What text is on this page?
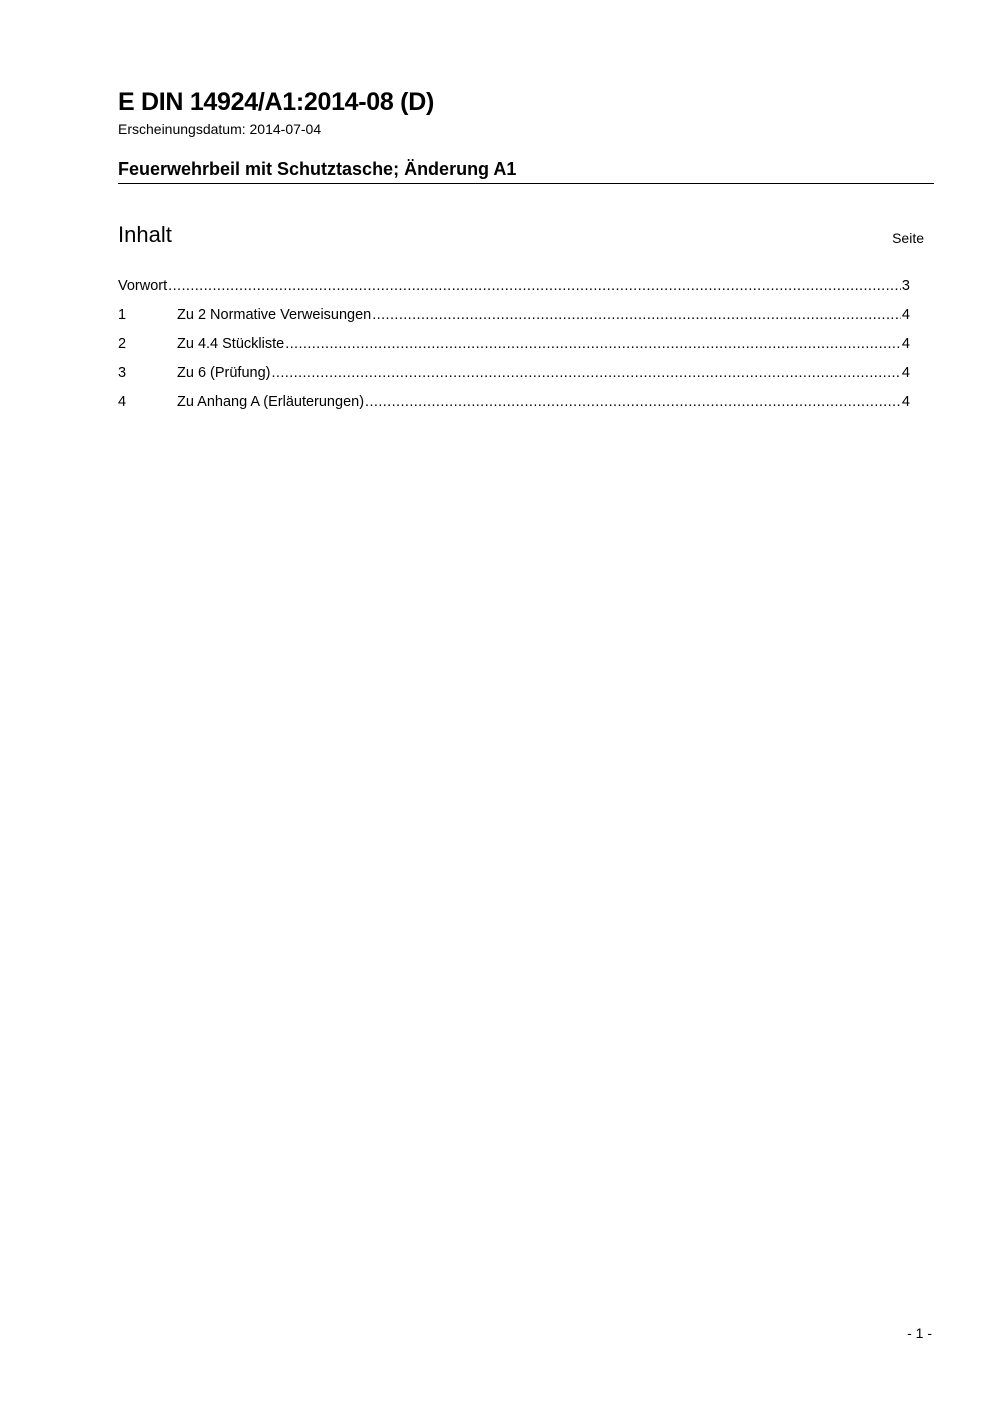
E DIN 14924/A1:2014-08 (D)
Erscheinungsdatum: 2014-07-04
Feuerwehrbeil mit Schutztasche; Änderung A1
Inhalt	Seite
Vorwort .....	3
1	Zu 2 Normative Verweisungen .....	4
2	Zu 4.4 Stückliste .....	4
3	Zu 6 (Prüfung) .....	4
4	Zu Anhang A (Erläuterungen) .....	4
- 1 -
